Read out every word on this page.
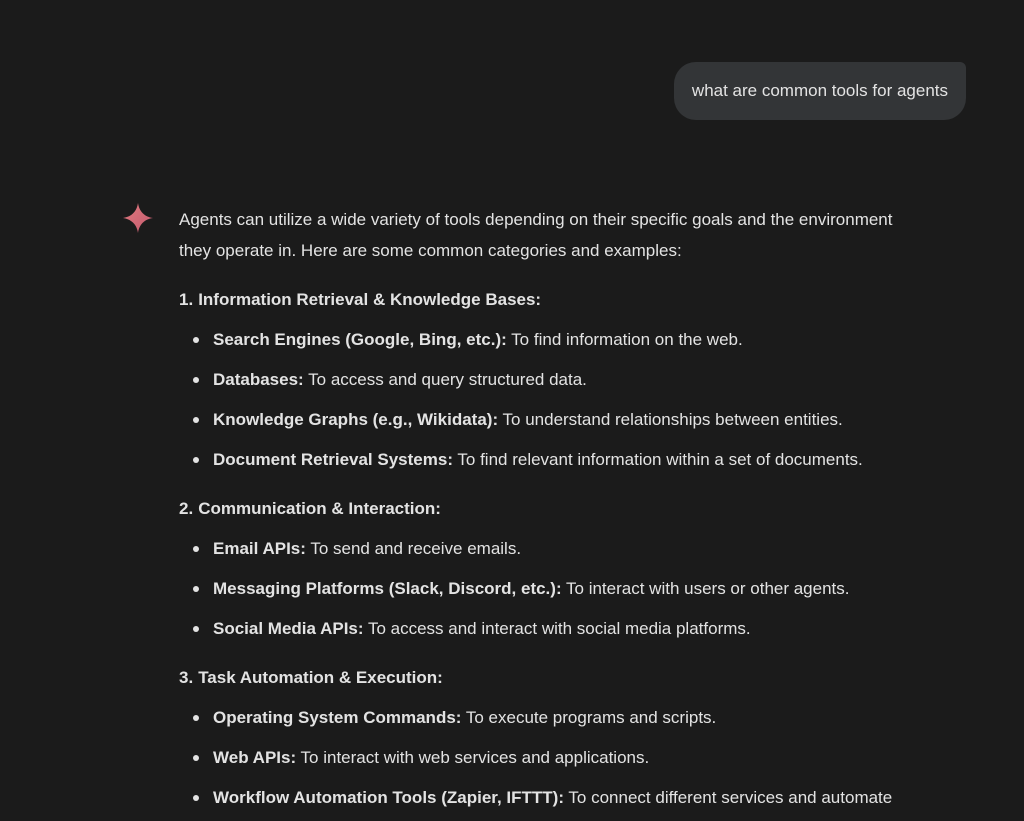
what are common tools for agents

Agents can utilize a wide variety of tools depending on their specific goals and the environment
they operate in. Here are some common categories and examples:

1. Information Retrieval & Knowledge Bases:
Search Engines (Google, Bing, etc.): To find information on the web.
Databases: To access and query structured data.
Knowledge Graphs (e.g., Wikidata): To understand relationships between entities.
Document Retrieval Systems: To find relevant information within a set of documents.
2. Communication & Interaction:
Email APIs: To send and receive emails.
Messaging Platforms (Slack, Discord, etc.): To interact with users or other agents.
Social Media APIs: To access and interact with social media platforms.
3. Task Automation & Execution:
Operating System Commands: To execute programs and scripts.
Web APIs: To interact with web services and applications.
Workflow Automation Tools (Zapier, IFTTT): To connect different services and automate
